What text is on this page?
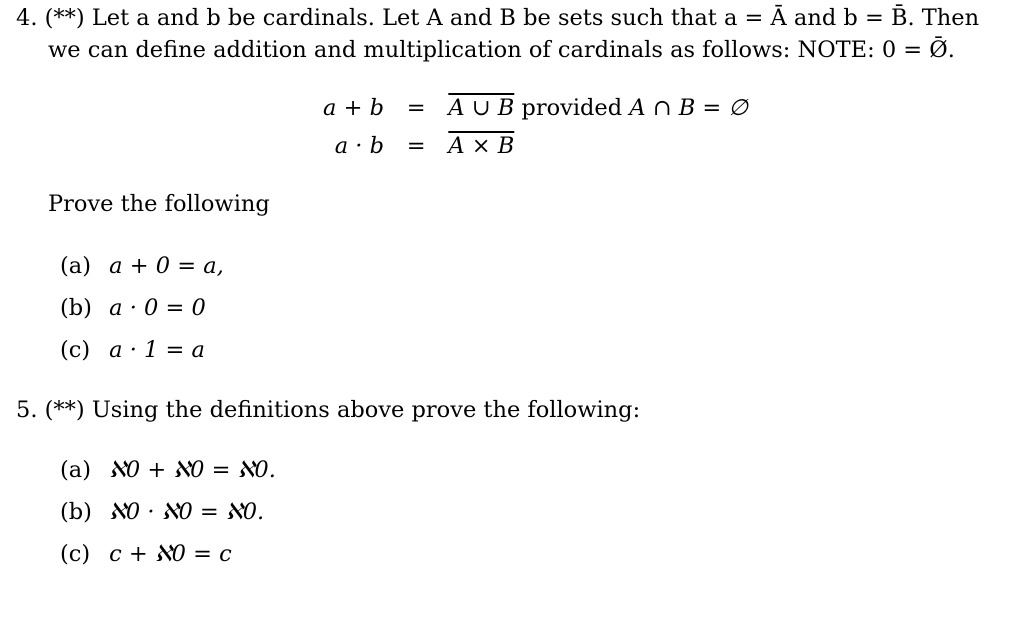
4. (**) Let a and b be cardinals. Let A and B be sets such that a = Ā and b = B̄. Then
we can define addition and multiplication of cardinals as follows: NOTE: 0 = Ø̄.
a + b = A ∪ B provided A ∩ B = ∅
a · b = A × B
Prove the following
(a) a + 0 = a,
(b) a · 0 = 0
(c) a · 1 = a
5. (**) Using the definitions above prove the following:
(a) ℵ0 + ℵ0 = ℵ0.
(b) ℵ0 · ℵ0 = ℵ0.
(c) c + ℵ0 = c
